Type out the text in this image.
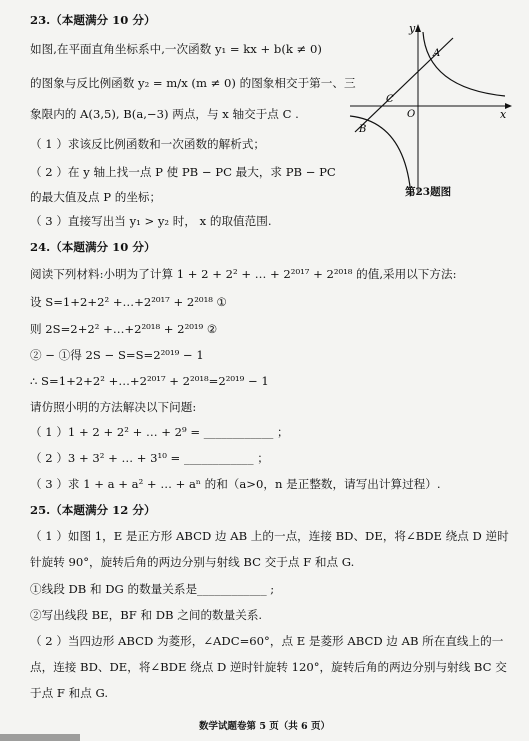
23.（本题满分 10 分）
如图,在平面直角坐标系中,一次函数 y₁ = kx + b(k ≠ 0)
的图象与反比例函数 y₂ = m/x (m ≠ 0) 的图象相交于第一、三
象限内的 A(3,5), B(a,−3) 两点，与 x 轴交于点 C .
（ 1 ）求该反比例函数和一次函数的解析式；
（ 2 ）在 y 轴上找一点 P 使 PB − PC 最大，求 PB − PC
的最大值及点 P 的坐标；
（ 3 ）直接写出当 y₁ > y₂ 时， x 的取值范围.
y
x
O
A
B
C
第23题图
24.（本题满分 10 分）
阅读下列材料:小明为了计算 1 + 2 + 2² + … + 2²⁰¹⁷ + 2²⁰¹⁸ 的值,采用以下方法:
设 S=1+2+2² +…+2²⁰¹⁷ + 2²⁰¹⁸ ①
则 2S=2+2² +…+2²⁰¹⁸ + 2²⁰¹⁹ ②
② − ①得 2S − S=S=2²⁰¹⁹ − 1
∴ S=1+2+2² +…+2²⁰¹⁷ + 2²⁰¹⁸=2²⁰¹⁹ − 1
请仿照小明的方法解决以下问题:
（ 1 ）1 + 2 + 2² + … + 2⁹ = ____________ ；
（ 2 ）3 + 3² + … + 3¹⁰ = ____________ ；
（ 3 ）求 1 + a + a² + … + aⁿ 的和（a>0，n 是正整数，请写出计算过程）.
25.（本题满分 12 分）
（ 1 ）如图 1，E 是正方形 ABCD 边 AB 上的一点，连接 BD、DE，将∠BDE 绕点 D 逆时
针旋转 90°，旋转后角的两边分别与射线 BC 交于点 F 和点 G.
①线段 DB 和 DG 的数量关系是____________ ;
②写出线段 BE，BF 和 DB 之间的数量关系.
（ 2 ）当四边形 ABCD 为菱形，∠ADC=60°，点 E 是菱形 ABCD 边 AB 所在直线上的一
点，连接 BD、DE，将∠BDE 绕点 D 逆时针旋转 120°，旋转后角的两边分别与射线 BC 交
于点 F 和点 G.
数学试题卷第 5 页（共 6 页）
